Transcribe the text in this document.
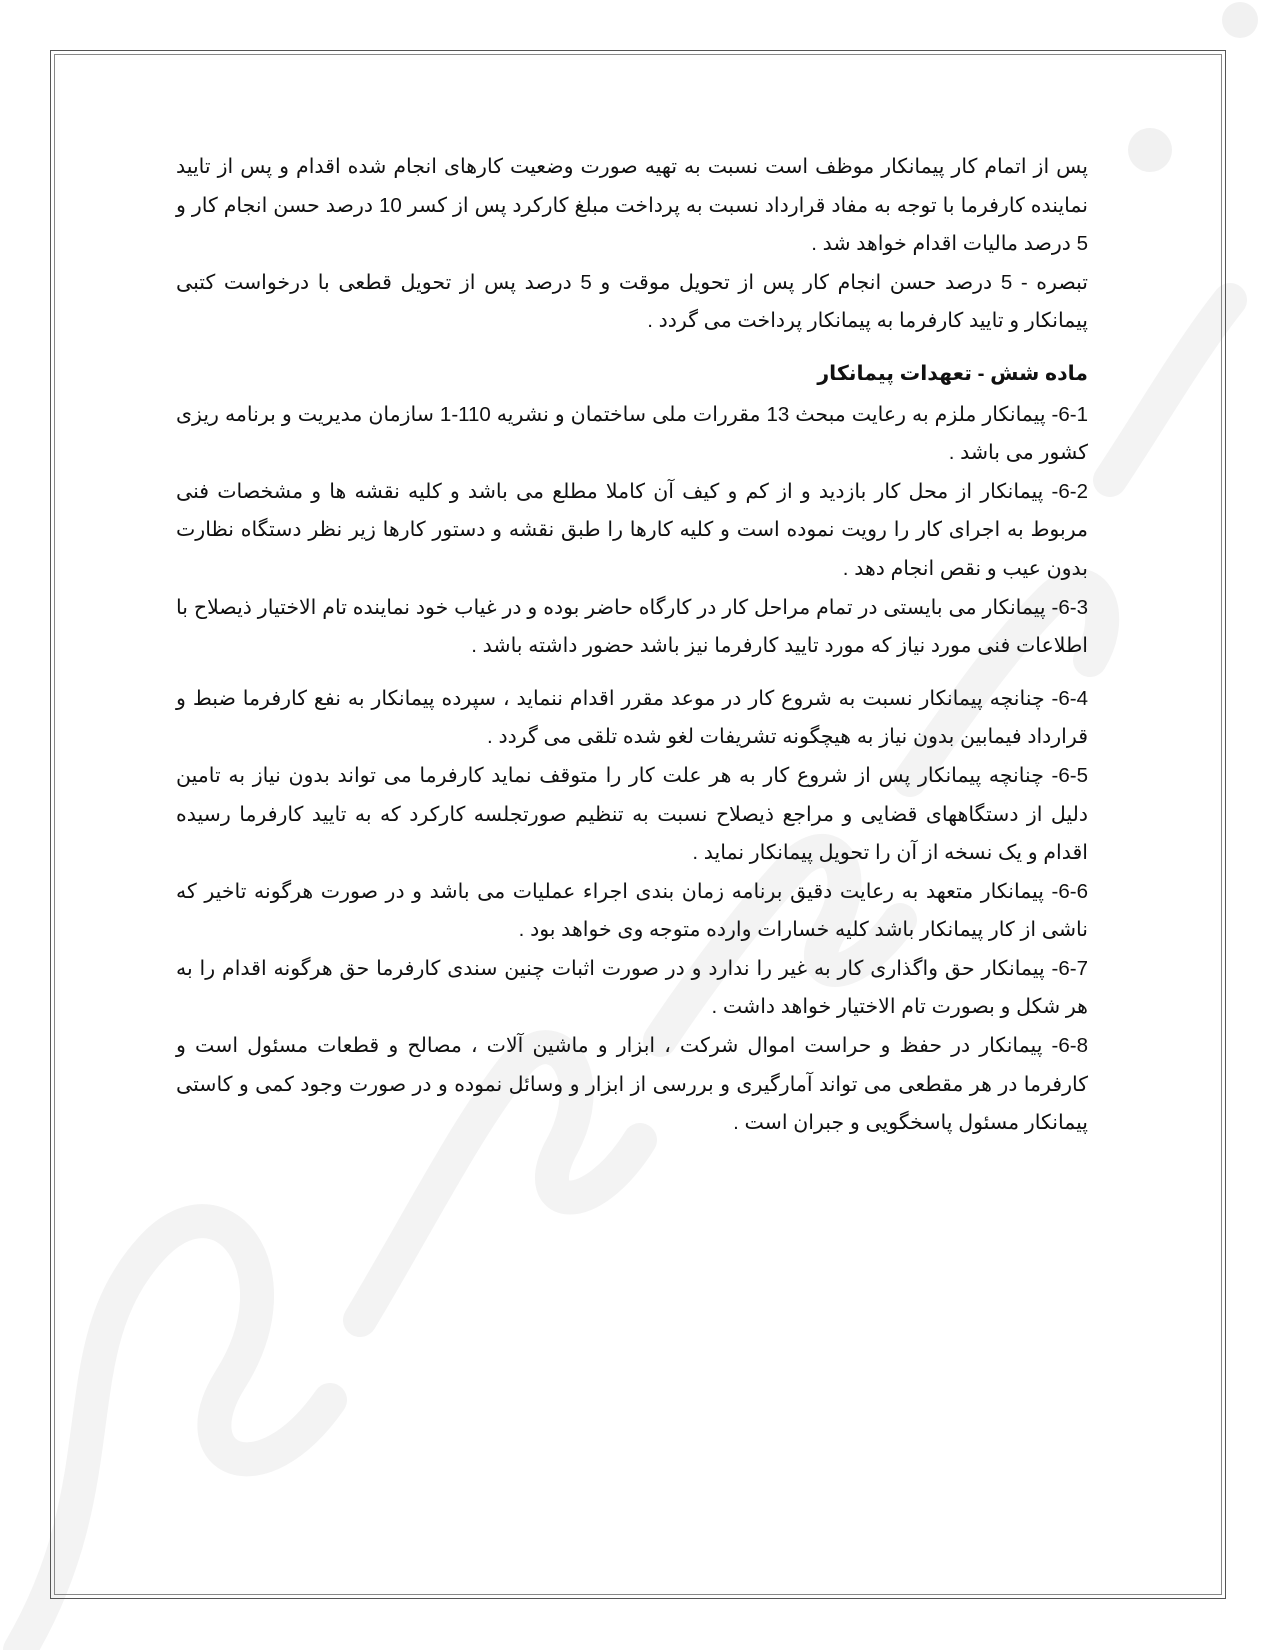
پس از اتمام کار پیمانکار موظف است نسبت به تهیه صورت وضعیت کارهای انجام شده اقدام و پس از تایید نماینده کارفرما با توجه به مفاد قرارداد نسبت به پرداخت مبلغ کارکرد پس از کسر 10 درصد حسن انجام کار و 5 درصد مالیات اقدام خواهد شد .

تبصره - 5 درصد حسن انجام کار پس از تحویل موقت و 5 درصد پس از تحویل قطعی با درخواست کتبی پیمانکار و تایید کارفرما به پیمانکار پرداخت می گردد .

ماده شش - تعهدات پیمانکار

6-1- پیمانکار ملزم به رعایت مبحث 13 مقررات ملی ساختمان و نشریه 110-1 سازمان مدیریت و برنامه ریزی کشور می باشد .

6-2- پیمانکار از محل کار بازدید و از کم و کیف آن کاملا مطلع می باشد و کلیه نقشه ها و مشخصات فنی مربوط به اجرای کار را رویت نموده است و کلیه کارها را طبق نقشه و دستور کارها زیر نظر دستگاه نظارت بدون عیب و نقص انجام دهد .

6-3- پیمانکار می بایستی در تمام مراحل کار در کارگاه حاضر بوده و در غیاب خود نماینده تام الاختیار ذیصلاح با اطلاعات فنی مورد نیاز که مورد تایید کارفرما نیز باشد حضور داشته باشد .

6-4- چنانچه پیمانکار نسبت به شروع کار در موعد مقرر اقدام ننماید ، سپرده پیمانکار به نفع کارفرما ضبط و قرارداد فیمابین بدون نیاز به هیچگونه تشریفات لغو شده تلقی می گردد .

6-5- چنانچه پیمانکار پس از شروع کار به هر علت کار را متوقف نماید کارفرما می تواند بدون نیاز به تامین دلیل از دستگاههای قضایی و مراجع ذیصلاح نسبت به تنظیم صورتجلسه کارکرد که به تایید کارفرما رسیده اقدام و یک نسخه از آن را تحویل پیمانکار نماید .

6-6- پیمانکار متعهد به رعایت دقیق برنامه زمان بندی اجراء عملیات می باشد و در صورت هرگونه تاخیر که ناشی از کار پیمانکار باشد کلیه خسارات وارده متوجه وی خواهد بود .

6-7- پیمانکار حق واگذاری کار به غیر را ندارد و در صورت اثبات چنین سندی کارفرما حق هرگونه اقدام را به هر شکل و بصورت تام الاختیار خواهد داشت .

6-8- پیمانکار در حفظ و حراست اموال شرکت ، ابزار و ماشین آلات ، مصالح و قطعات مسئول است و کارفرما در هر مقطعی می تواند آمارگیری و بررسی از ابزار و وسائل نموده و در صورت وجود کمی و کاستی پیمانکار مسئول پاسخگویی و جبران است .
